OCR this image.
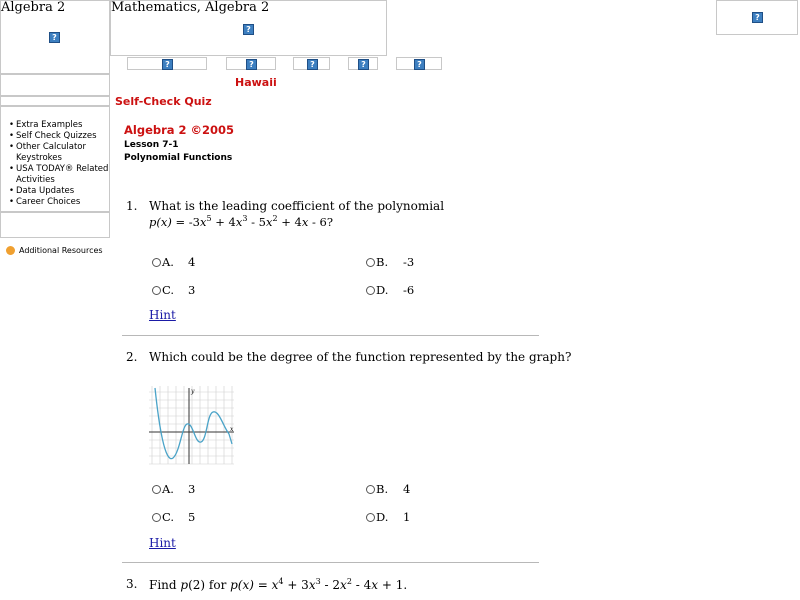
Algebra 2
?
Mathematics, Algebra 2
?
?
?	?	?	?	?
Hawaii
Self-Check Quiz
• Extra Examples
• Self Check Quizzes
• Other Calculator Keystrokes
• USA TODAY® Related Activities
• Data Updates
• Career Choices
Additional Resources
Algebra 2 ©2005
Lesson 7-1
Polynomial Functions
1. What is the leading coefficient of the polynomial
$p(x) = -3x^5 + 4x^3 - 5x^2 + 4x - 6$?
A. 4	B. -3
C. 3	D. -6
Hint
2. Which could be the degree of the function represented by the graph?
x
y
A. 3	B. 4
C. 5	D. 1
Hint
3. Find p(2) for $p(x) = x^4 + 3x^3 - 2x^2 - 4x + 1$.
